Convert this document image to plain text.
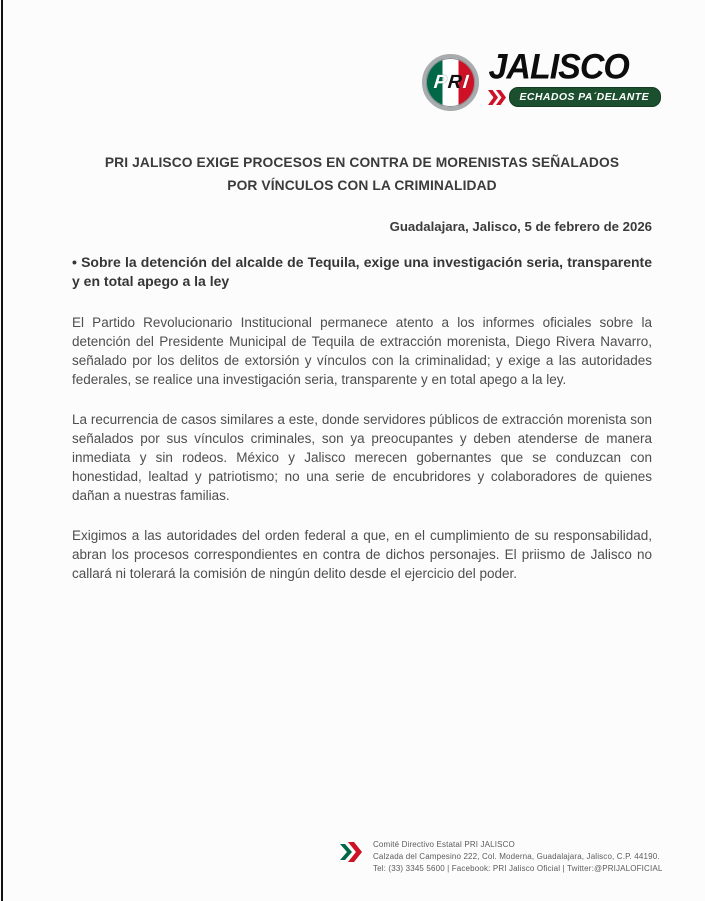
P
R
I JALISCO
ECHADOS PA´DELANTE
PRI JALISCO EXIGE PROCESOS EN CONTRA DE MORENISTAS SEÑALADOS
POR VÍNCULOS CON LA CRIMINALIDAD
Guadalajara, Jalisco, 5 de febrero de 2026
• Sobre la detención del alcalde de Tequila, exige una investigación seria, transparente y en total apego a la ley

El Partido Revolucionario Institucional permanece atento a los informes oficiales sobre la detención del Presidente Municipal de Tequila de extracción morenista, Diego Rivera Navarro, señalado por los delitos de extorsión y vínculos con la criminalidad; y exige a las autoridades federales, se realice una investigación seria, transparente y en total apego a la ley.

La recurrencia de casos similares a este, donde servidores públicos de extracción morenista son señalados por sus vínculos criminales, son ya preocupantes y deben atenderse de manera inmediata y sin rodeos. México y Jalisco merecen gobernantes que se conduzcan con honestidad, lealtad y patriotismo; no una serie de encubridores y colaboradores de quienes dañan a nuestras familias.

Exigimos a las autoridades del orden federal a que, en el cumplimiento de su responsabilidad, abran los procesos correspondientes en contra de dichos personajes. El priismo de Jalisco no callará ni tolerará la comisión de ningún delito desde el ejercicio del poder.

Comité Directivo Estatal PRI JALISCO
Calzada del Campesino 222, Col. Moderna, Guadalajara, Jalisco, C.P. 44190.
Tel: (33) 3345 5600 | Facebook: PRI Jalisco Oficial | Twitter:@PRIJALOFICIAL
